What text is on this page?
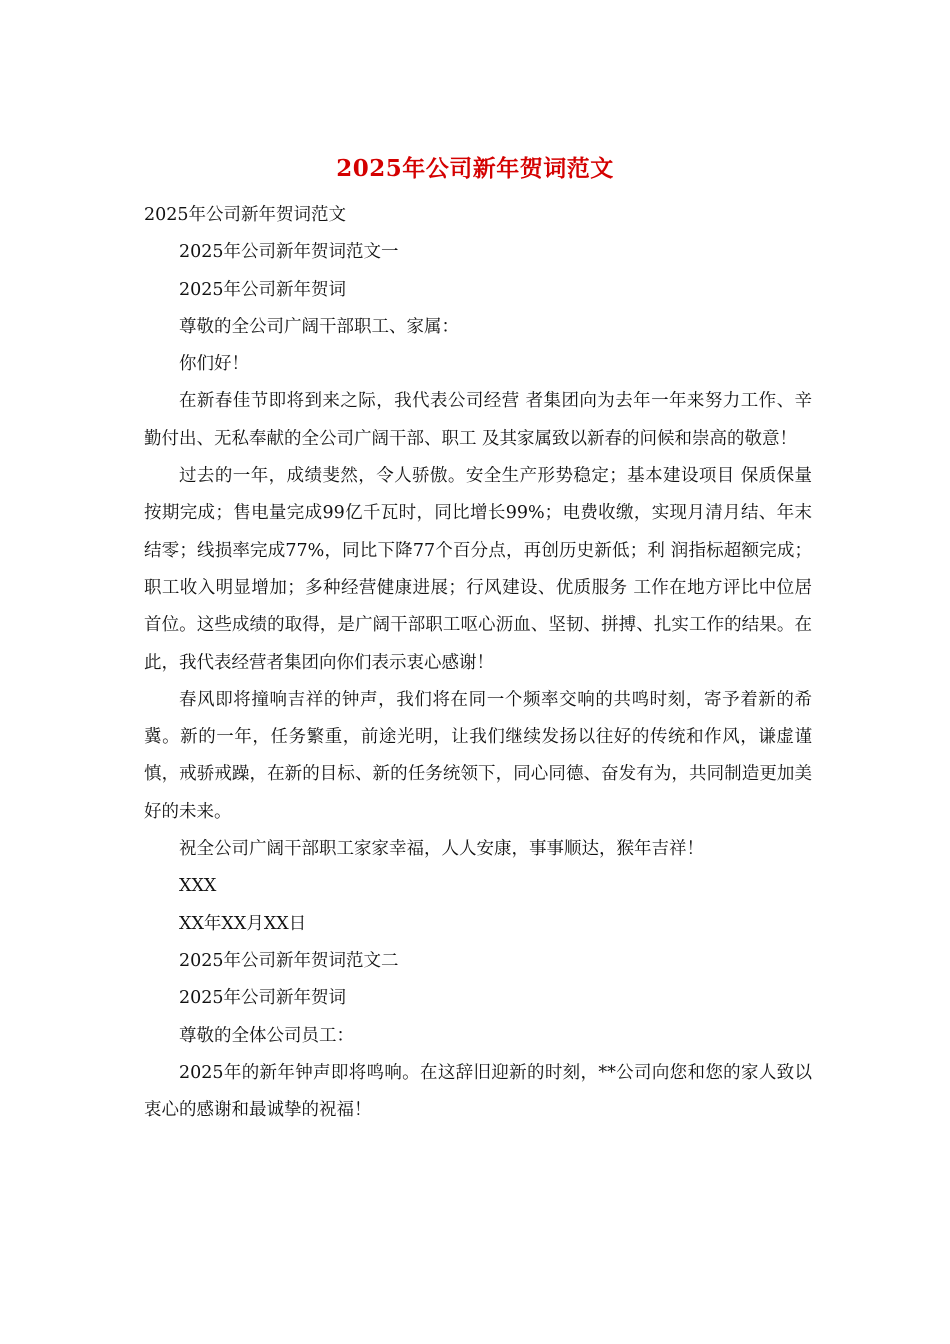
2025年公司新年贺词范文

2025年公司新年贺词范文

2025年公司新年贺词范文一

2025年公司新年贺词

尊敬的全公司广阔干部职工、家属：

你们好！

在新春佳节即将到来之际，我代表公司经营 者集团向为去年一年来努力工作、辛勤付出、无私奉献的全公司广阔干部、职工 及其家属致以新春的问候和崇高的敬意！

过去的一年，成绩斐然，令人骄傲。安全生产形势稳定；基本建设项目 保质保量按期完成；售电量完成99亿千瓦时，同比增长99%；电费收缴，实现月清月结、年末结零；线损率完成77%，同比下降77个百分点，再创历史新低；利 润指标超额完成；职工收入明显增加；多种经营健康进展；行风建设、优质服务 工作在地方评比中位居首位。这些成绩的取得，是广阔干部职工呕心沥血、坚韧、拼搏、扎实工作的结果。在此，我代表经营者集团向你们表示衷心感谢！

春风即将撞响吉祥的钟声，我们将在同一个频率交响的共鸣时刻，寄予着新的希冀。新的一年，任务繁重，前途光明，让我们继续发扬以往好的传统和作风，谦虚谨慎，戒骄戒躁，在新的目标、新的任务统领下，同心同德、奋发有为，共同制造更加美好的未来。

祝全公司广阔干部职工家家幸福，人人安康，事事顺达，猴年吉祥！

XXX

XX年XX月XX日

2025年公司新年贺词范文二

2025年公司新年贺词

尊敬的全体公司员工：

2025年的新年钟声即将鸣响。在这辞旧迎新的时刻，**公司向您和您的家人致以衷心的感谢和最诚挚的祝福！
